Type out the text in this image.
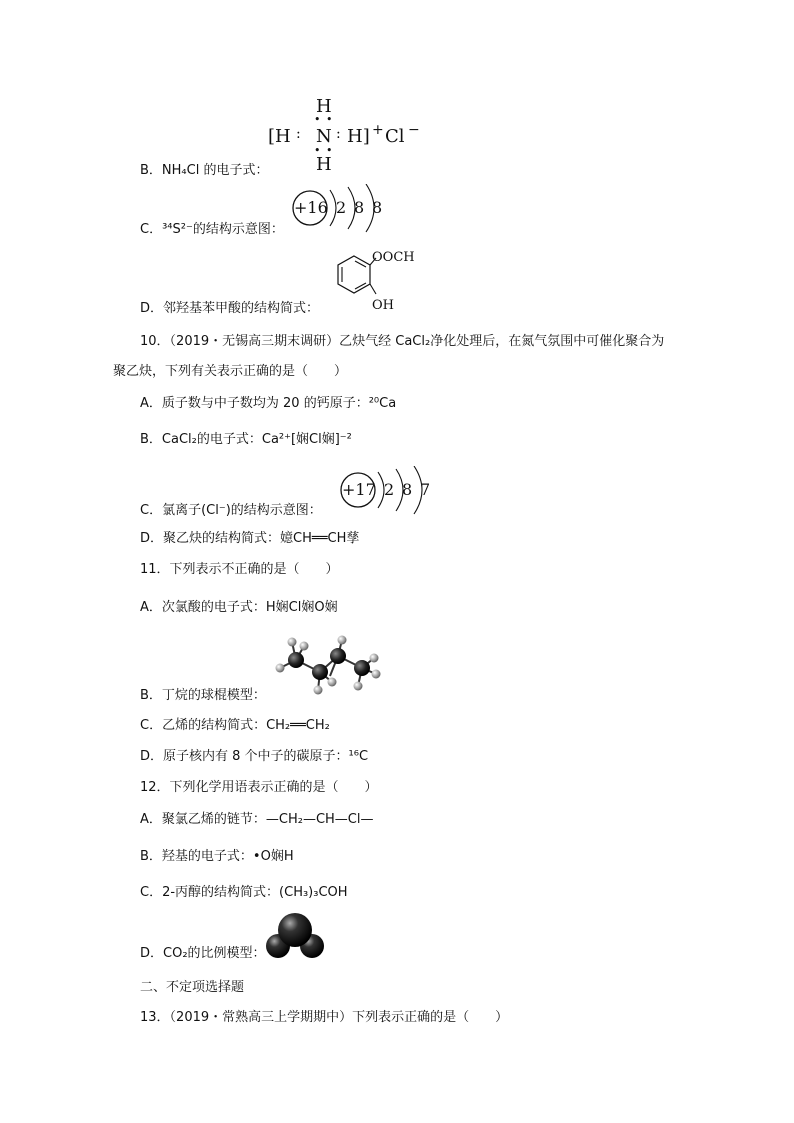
H
• •
[H : N : H] + Cl −
• •
H
B．NH₄Cl 的电子式：
+16 2 8 8
C．³⁴S²⁻的结构示意图：
OOCH
OH
D．邻羟基苯甲酸的结构简式：
10．（2019・无锡高三期末调研）乙炔气经 CaCl₂净化处理后，在氮气氛围中可催化聚合为
聚乙炔，下列有关表示正确的是（　　）
A．质子数与中子数均为 20 的钙原子：²⁰Ca
B．CaCl₂的电子式：Ca²⁺[娴Cl娴]⁻²
+17 2 8 7
C．氯离子(Cl⁻)的结构示意图：
D．聚乙炔的结构简式：嬑CH══CH孳
11．下列表示不正确的是（　　）
A．次氯酸的电子式：H娴Cl娴O娴
B．丁烷的球棍模型：
C．乙烯的结构简式：CH₂══CH₂
D．原子核内有 8 个中子的碳原子：¹⁶C
12．下列化学用语表示正确的是（　　）
A．聚氯乙烯的链节：—CH₂—CH—Cl—
B．羟基的电子式：•O娴H
C．2-丙醇的结构简式：(CH₃)₃COH
D．CO₂的比例模型：
二、不定项选择题
13．（2019・常熟高三上学期期中）下列表示正确的是（　　）
